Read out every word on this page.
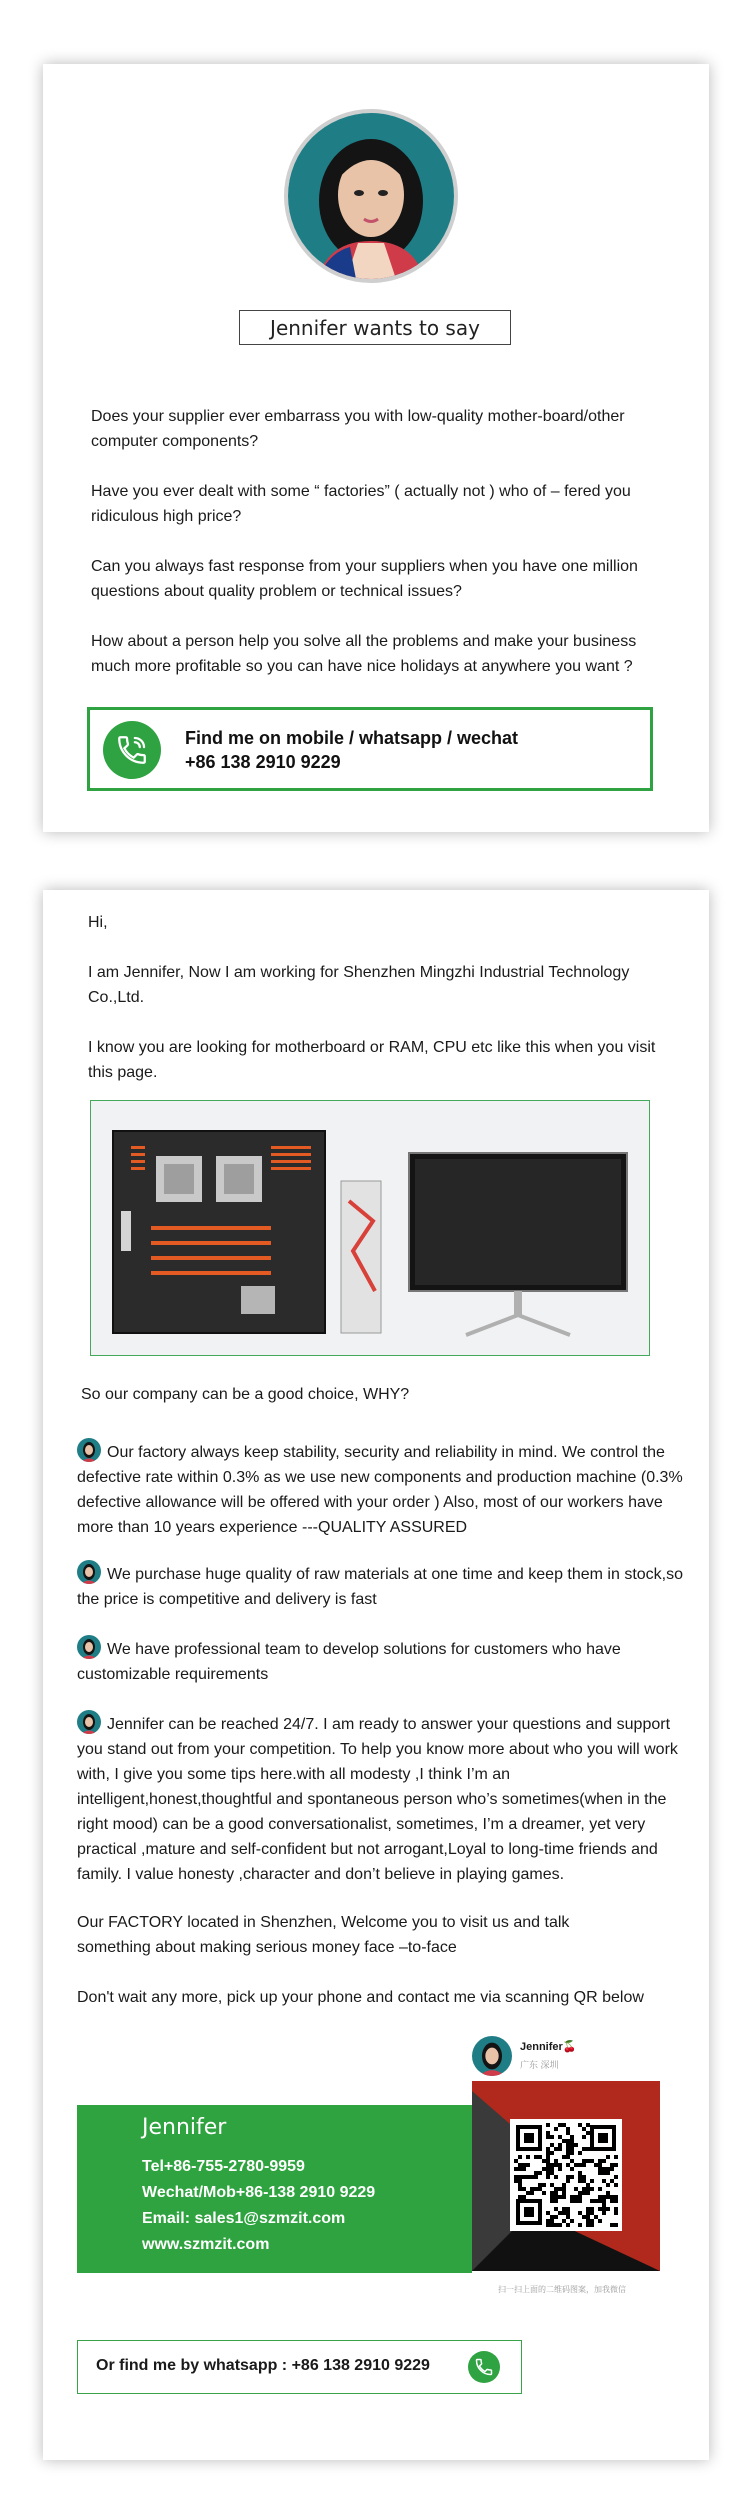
Jennifer wants to say

Does your supplier ever embarrass you with low-quality mother-board/other computer components?

Have you ever dealt with some “ factories” ( actually not ) who of – fered you ridiculous high price?

Can you always fast response from your suppliers when you have one million questions about quality problem or technical issues?

How about a person help you solve all the problems and make your business much more profitable so you can have nice holidays at anywhere you want ?

Find me on mobile / whatsapp / wechat
+86 138 2910 9229

Hi,

I am Jennifer, Now I am working for Shenzhen Mingzhi Industrial Technology Co.,Ltd.

I know you are looking for motherboard or RAM, CPU etc like this when you visit this page.

So our company can be a good choice, WHY?

Our factory always keep stability, security and reliability in mind. We control the defective rate within 0.3% as we use new components and production machine (0.3% defective allowance will be offered with your order ) Also, most of our workers have more than 10 years experience ---QUALITY ASSURED

We purchase huge quality of raw materials at one time and keep them in stock,so the price is competitive and delivery is fast

We have professional team to develop solutions for customers who have customizable requirements

Jennifer can be reached 24/7. I am ready to answer your questions and support you stand out from your competition. To help you know more about who you will work with, I give you some tips here.with all modesty ,I think I’m an intelligent,honest,thoughtful and spontaneous person who’s sometimes(when in the right mood) can be a good conversationalist, sometimes, I’m a dreamer, yet very practical ,mature and self-confident but not arrogant,Loyal to long-time friends and family. I value honesty ,character and don’t believe in playing games.

Our FACTORY located in Shenzhen, Welcome you to visit us and talk something about making serious money face –to-face

Don't wait any more, pick up your phone and contact me via scanning QR below

Jennifer🍒
广东 深圳
扫一扫上面的二维码图案，加我微信
Jennifer
Tel+86-755-2780-9959
Wechat/Mob+86-138 2910 9229
Email: sales1@szmzit.com
www.szmzit.com
Or find me by whatsapp : +86 138 2910 9229
